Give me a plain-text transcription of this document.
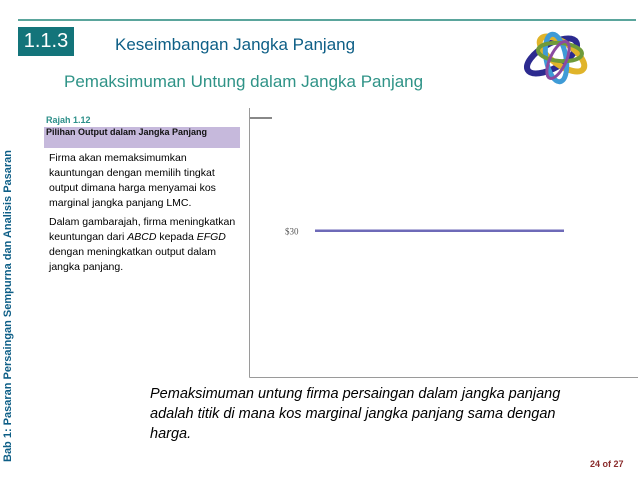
1.1.3	Keseimbangan Jangka Panjang
Pemaksimuman Untung dalam Jangka Panjang
Bab 1: Pasaran Persaingan Sempurna dan Analisis Pasaran
Rajah 1.12
Pilihan Output dalam Jangka Panjang

Firma akan memaksimumkan kauntungan dengan memilih tingkat output dimana harga menyamai kos marginal jangka panjang LMC.

Dalam gambarajah, firma meningkatkan keuntungan dari ABCD kepada EFGD dengan meningkatkan output dalam jangka panjang.

$30
Pemaksimuman untung firma persaingan dalam jangka panjang adalah titik di mana kos marginal jangka panjang sama dengan harga.
24 of 27
